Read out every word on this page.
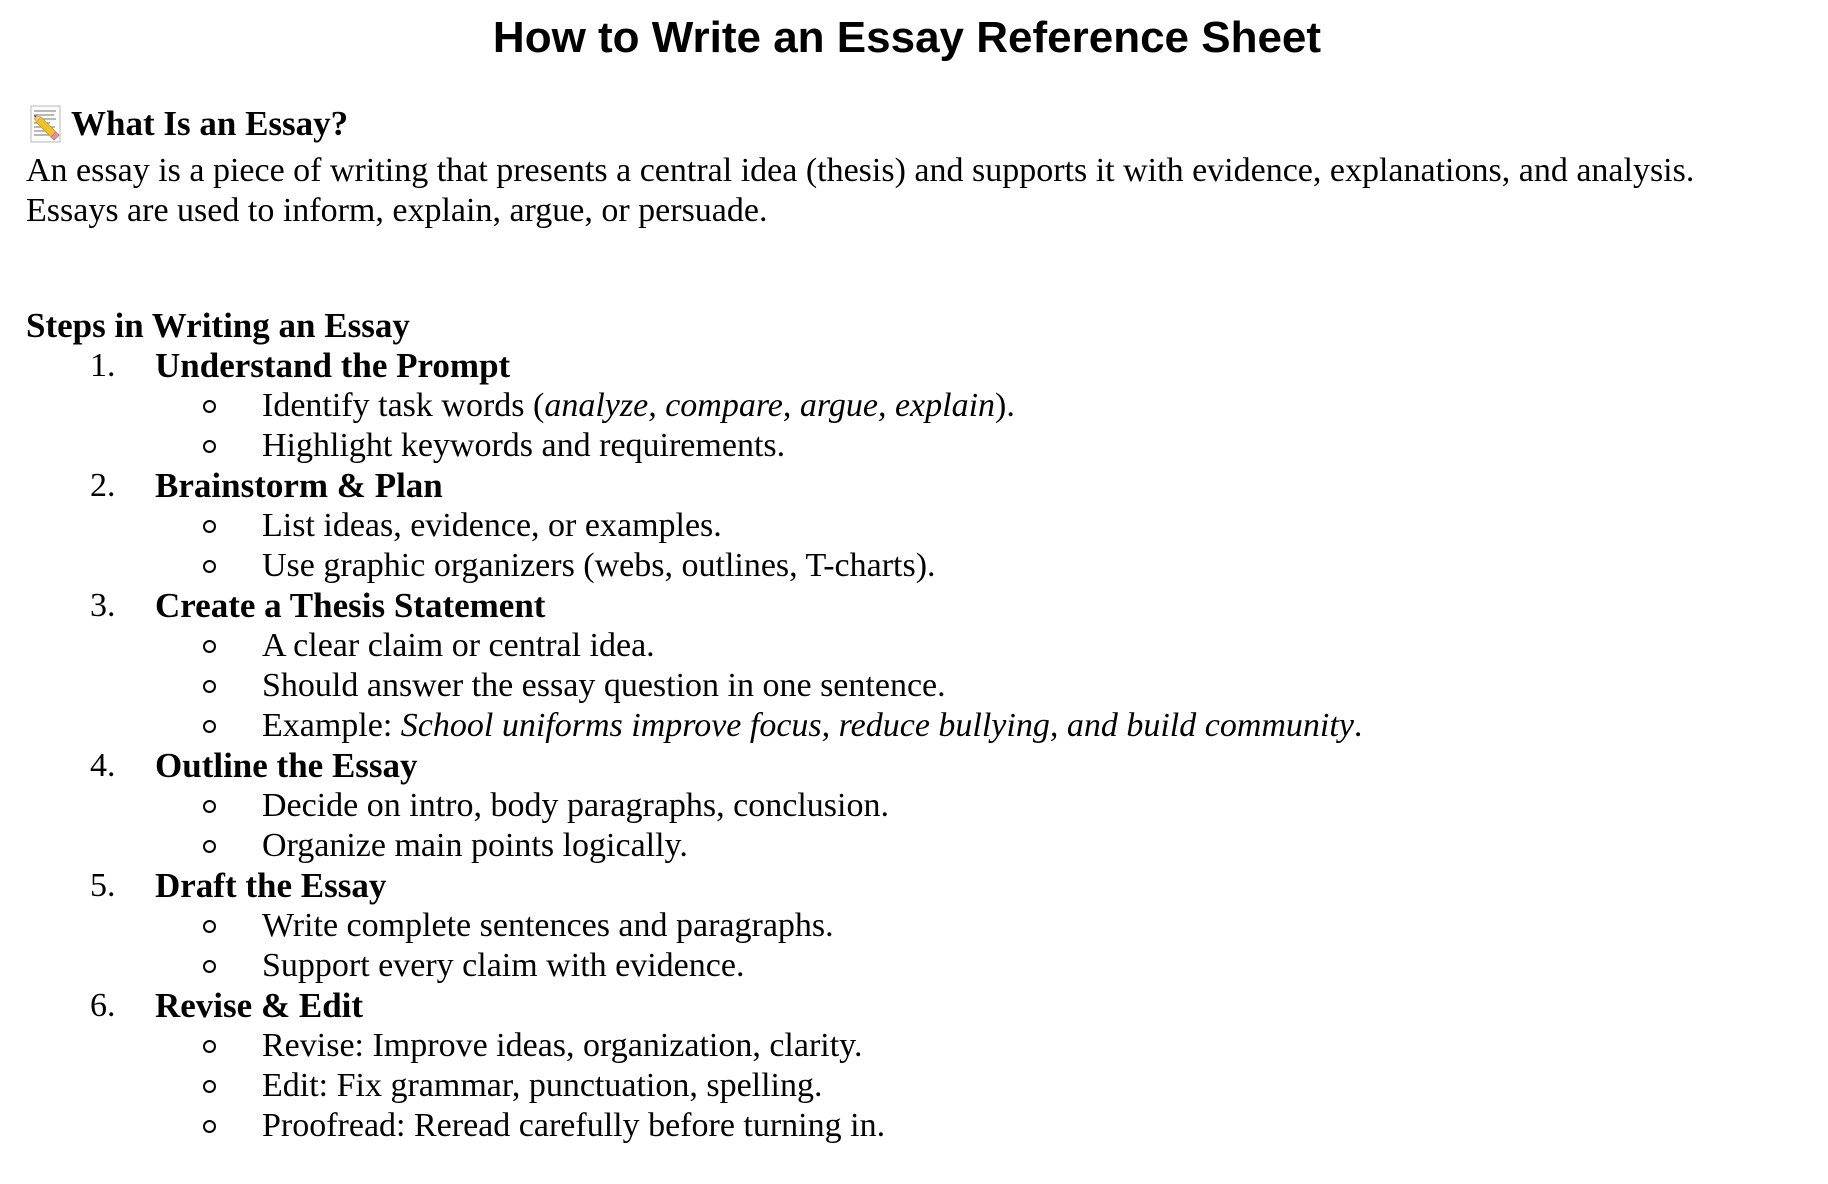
How to Write an Essay Reference Sheet
What Is an Essay?
An essay is a piece of writing that presents a central idea (thesis) and supports it with evidence, explanations, and analysis.
Essays are used to inform, explain, argue, or persuade.
Steps in Writing an Essay
1.	Understand the Prompt
Identify task words (analyze, compare, argue, explain).
Highlight keywords and requirements.
2.	Brainstorm & Plan
List ideas, evidence, or examples.
Use graphic organizers (webs, outlines, T-charts).
3.	Create a Thesis Statement
A clear claim or central idea.
Should answer the essay question in one sentence.
Example: School uniforms improve focus, reduce bullying, and build community.
4.	Outline the Essay
Decide on intro, body paragraphs, conclusion.
Organize main points logically.
5.	Draft the Essay
Write complete sentences and paragraphs.
Support every claim with evidence.
6.	Revise & Edit
Revise: Improve ideas, organization, clarity.
Edit: Fix grammar, punctuation, spelling.
Proofread: Reread carefully before turning in.
